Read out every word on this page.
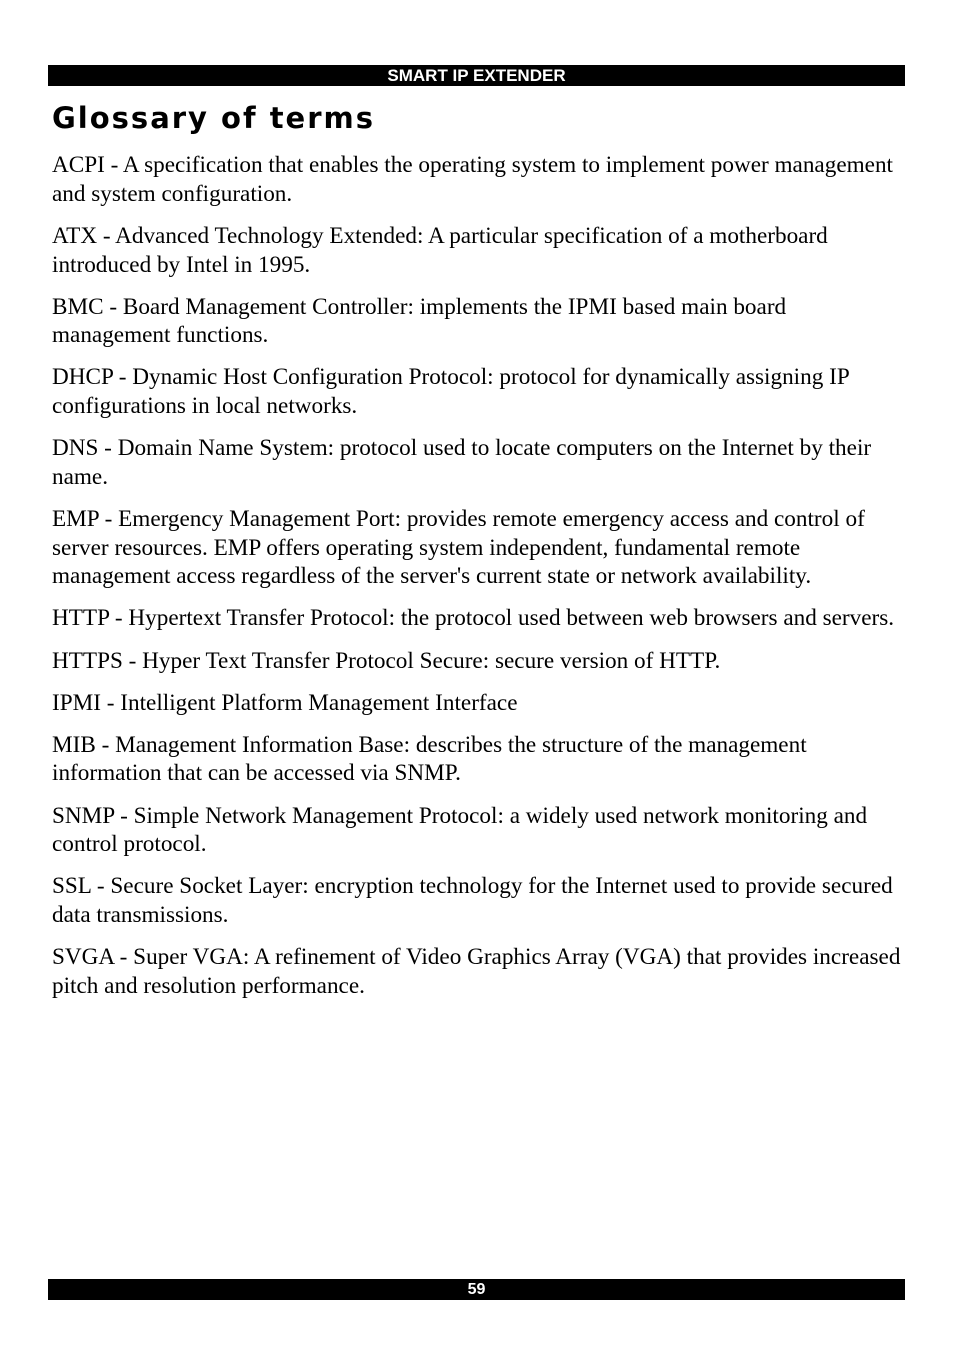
SMART IP EXTENDER
Glossary of terms
ACPI - A specification that enables the operating system to implement power management and system configuration.
ATX - Advanced Technology Extended: A particular specification of a motherboard introduced by Intel in 1995.
BMC - Board Management Controller: implements the IPMI based main board management functions.
DHCP - Dynamic Host Configuration Protocol: protocol for dynamically assigning IP configurations in local networks.
DNS - Domain Name System: protocol used to locate computers on the Internet by their name.
EMP - Emergency Management Port: provides remote emergency access and control of server resources. EMP offers operating system independent, fundamental remote management access regardless of the server's current state or network availability.
HTTP - Hypertext Transfer Protocol: the protocol used between web browsers and servers.
HTTPS - Hyper Text Transfer Protocol Secure: secure version of HTTP.
IPMI - Intelligent Platform Management Interface
MIB - Management Information Base: describes the structure of the management information that can be accessed via SNMP.
SNMP - Simple Network Management Protocol: a widely used network monitoring and control protocol.
SSL - Secure Socket Layer: encryption technology for the Internet used to provide secured data transmissions.
SVGA - Super VGA: A refinement of Video Graphics Array (VGA) that provides increased pitch and resolution performance.
59
